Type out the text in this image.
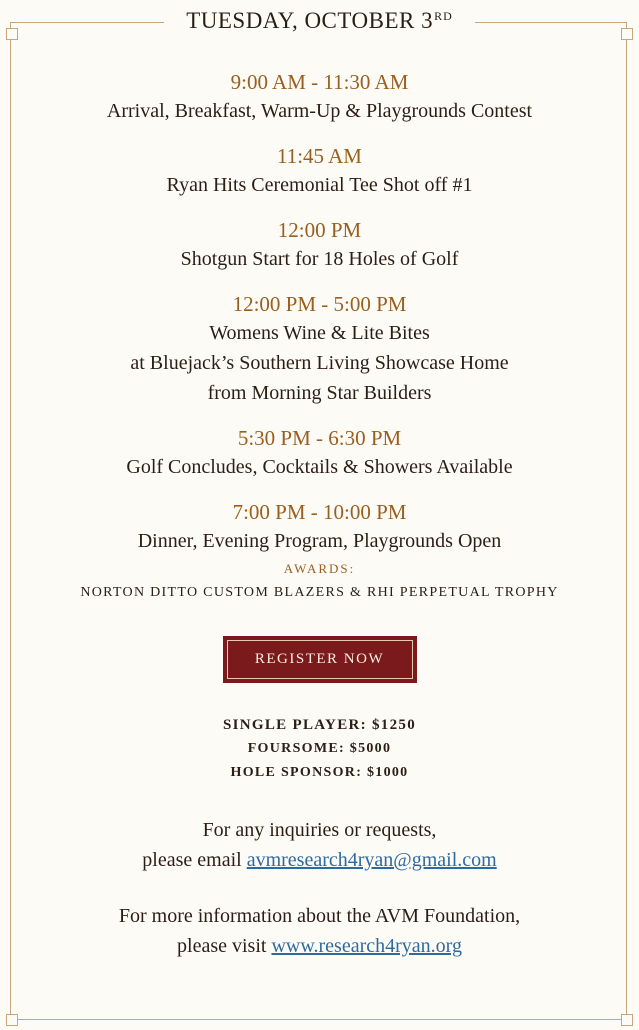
TUESDAY, OCTOBER 3RD
9:00 AM - 11:30 AM
Arrival, Breakfast, Warm-Up & Playgrounds Contest
11:45 AM
Ryan Hits Ceremonial Tee Shot off #1
12:00 PM
Shotgun Start for 18 Holes of Golf
12:00 PM - 5:00 PM
Womens Wine & Lite Bites
at Bluejack’s Southern Living Showcase Home
from Morning Star Builders
5:30 PM - 6:30 PM
Golf Concludes, Cocktails & Showers Available
7:00 PM - 10:00 PM
Dinner, Evening Program, Playgrounds Open
AWARDS:
NORTON DITTO CUSTOM BLAZERS & RHI PERPETUAL TROPHY
REGISTER NOW
SINGLE PLAYER: $1250
FOURSOME: $5000
HOLE SPONSOR: $1000
For any inquiries or requests,
please email avmresearch4ryan@gmail.com
For more information about the AVM Foundation,
please visit www.research4ryan.org
